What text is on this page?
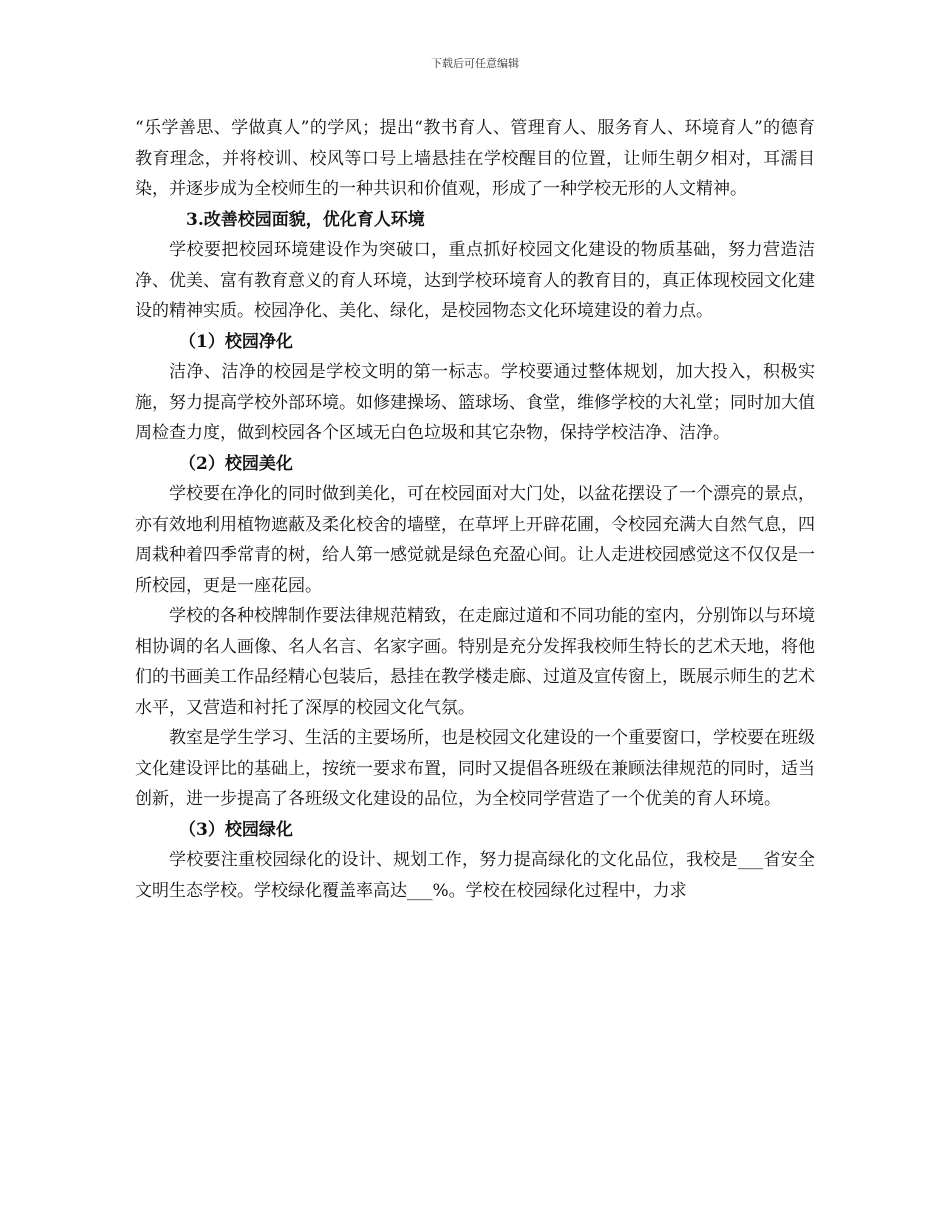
下载后可任意编辑

“乐学善思、学做真人”的学风；提出“教书育人、管理育人、服务育人、环境育人”的德育教育理念，并将校训、校风等口号上墙悬挂在学校醒目的位置，让师生朝夕相对，耳濡目染，并逐步成为全校师生的一种共识和价值观，形成了一种学校无形的人文精神。

3.改善校园面貌，优化育人环境

学校要把校园环境建设作为突破口，重点抓好校园文化建设的物质基础，努力营造洁净、优美、富有教育意义的育人环境，达到学校环境育人的教育目的，真正体现校园文化建设的精神实质。校园净化、美化、绿化，是校园物态文化环境建设的着力点。

（1）校园净化

洁净、洁净的校园是学校文明的第一标志。学校要通过整体规划，加大投入，积极实施，努力提高学校外部环境。如修建操场、篮球场、食堂，维修学校的大礼堂；同时加大值周检查力度，做到校园各个区域无白色垃圾和其它杂物，保持学校洁净、洁净。

（2）校园美化

学校要在净化的同时做到美化，可在校园面对大门处，以盆花摆设了一个漂亮的景点，亦有效地利用植物遮蔽及柔化校舍的墙壁，在草坪上开辟花圃，令校园充满大自然气息，四周栽种着四季常青的树，给人第一感觉就是绿色充盈心间。让人走进校园感觉这不仅仅是一所校园，更是一座花园。

学校的各种校牌制作要法律规范精致，在走廊过道和不同功能的室内，分别饰以与环境相协调的名人画像、名人名言、名家字画。特别是充分发挥我校师生特长的艺术天地，将他们的书画美工作品经精心包装后，悬挂在教学楼走廊、过道及宣传窗上，既展示师生的艺术水平，又营造和衬托了深厚的校园文化气氛。

教室是学生学习、生活的主要场所，也是校园文化建设的一个重要窗口，学校要在班级文化建设评比的基础上，按统一要求布置，同时又提倡各班级在兼顾法律规范的同时，适当创新，进一步提高了各班级文化建设的品位，为全校同学营造了一个优美的育人环境。

（3）校园绿化

学校要注重校园绿化的设计、规划工作，努力提高绿化的文化品位，我校是___省安全文明生态学校。学校绿化覆盖率高达___%。学校在校园绿化过程中，力求
